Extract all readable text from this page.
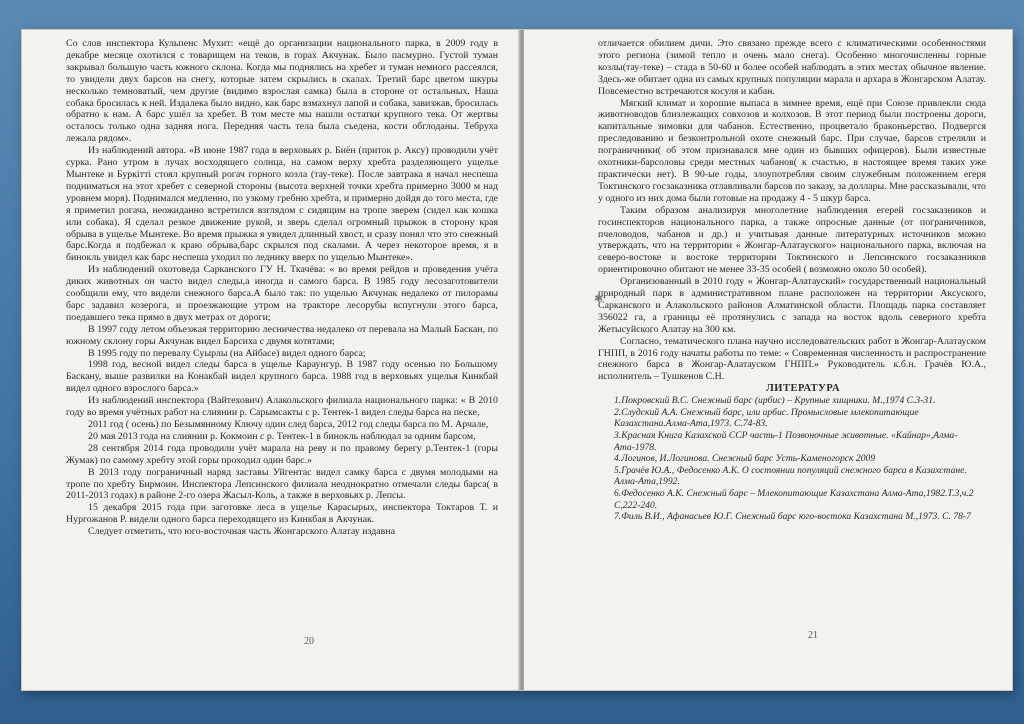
Со слов инспектора Кульпенс Мухит: «ещё до организации национального парка, в 2009 году в декабре месяце охотился с товарищем на теков, в горах Акчунак. Было пасмурно. Густой туман закрывал большую часть южного склона. Когда мы поднялись на хребет и туман немного рассеялся, то увидели двух барсов на снегу, которые затем скрылись в скалах. Третий барс цветом шкуры несколько темноватый, чем другие (видимо взрослая самка) была в стороне от остальных. Наша собака бросилась к ней. Издалека было видно, как барс взмахнул лапой и собака, завизжав, бросилась обратно к нам. А барс ушёл за хребет. В том месте мы нашли остатки крупного тека. От жертвы осталось только одна задняя нога. Передняя часть тела была съедена, кости обглоданы. Тебруха лежала рядом».

Из наблюдений автора. «В июне 1987 года в верховьях р. Биён (приток р. Аксу) проводили учёт сурка. Рано утром в лучах восходящего солнца, на самом верху хребта разделяющего ущелье Мынтеке и Буркітті стоял крупный рогач горного козла (тау-теке). После завтрака я начал неспеша подниматься на этот хребет с северной стороны (высота верхней точки хребта примерно 3000 м над уровнем моря). Поднимался медленно, по узкому гребню хребта, и примерно дойдя до того места, где я приметил рогача, неожиданно встретился взглядом с сидящим на тропе зверем (сидел как кошка или собака). Я сделал резкое движение рукой, и зверь сделал огромный прыжок в сторону края обрыва в ущелье Мынтеке. Во время прыжка я увидел длинный хвост, и сразу понял что это снежный барс.Когда я подбежал к краю обрыва,барс скрылся под скалами. А через некоторое время, я в бинокль увидел как барс неспеша уходил по леднику вверх по ущелью Мынтеке».

Из наблюдений охотоведа Сарканского ГУ Н. Ткачёва: « во время рейдов и проведения учёта диких животных он часто видел следы,а иногда и самого барса. В 1985 году лесозаготовители сообщили ему, что видели снежного барса.А было так: по ущелью Акчунак недалеко от пилорамы барс задавил козерога, и проезжающие утром на тракторе лесорубы вспугнули этого барса, поедавшего тека прямо в двух метрах от дороги;

В 1997 году летом объезжая территорию лесничества недалеко от перевала на Малый Баскан, по южному склону горы Акчунак видел Барсиха с двумя котятами;

В 1995 году по перевалу Суырлы (на Айбасе) видел одного барса;

1998 год, весной видел следы барса в ущелье Караунгур. В 1987 году осенью по Большому Баскану, выше развилки на Конакбай видел крупного барса. 1988 год в верховьях ущелья Кинкбай видел одного взрослого барса.»

Из наблюдений инспектора (Вайтехович) Алакольского филиала национального парка: « В 2010 году во время учётных работ на слиянии р. Сарымсакты с р. Тентек-1 видел следы барса на песке,

2011 год ( осень) по Безымянному Ключу один след барса, 2012 год следы барса по М. Арчале,

20 мая 2013 года на слиянии р. Кокмоин с р. Тентек-1 в бинокль наблюдал за одним барсом,

28 сентября 2014 года проводили учёт марала на реву и по правому берегу р.Тентек-1 (горы Жумак) по самому хребту этой горы проходил один барс.»

В 2013 году пограничный наряд заставы Уйгентас видел самку барса с двумя молодыми на тропе по хребту Бирмоин. Инспектора Лепсинского филиала неоднократно отмечали следы барса( в 2011-2013 годах) в районе 2-го озера Жасыл-Коль, а также в верховьях р. Лепсы.

15 декабря 2015 года при заготовке леса в ущелье Карасырых, инспектора Токтаров Т. и Нургожанов Р. видели одного барса переходящего из Кинкбая в Акчунак.

Следует отметить, что юго-восточная часть Жонгарского Алатау издавна

20

отличается обилием дичи. Это связано прежде всего с климатическими особенностями этого региона (зимой тепло и очень мало снега). Особенно многочисленны горные козлы(тау-теке) – стада в 50-60 и более особей наблюдать в этих местах обычное явление. Здесь-же обитает одна из самых крупных популяции марала и архара в Жонгарском Алатау. Повсеместно встречаются косуля и кабан.

Мягкий климат и хорошие выпаса в зимнее время, ещё при Союзе привлекли сюда животноводов близлежащих совхозов и колхозов. В этот период были построены дороги, капитальные зимовки для чабанов. Естественно, процветало браконьерство. Подвергся преследованию и безконтрольной охоте снежный барс. При случае, барсов стреляли и пограничники( об этом признавался мне один из бывших офицеров). Были известные охотники-барсоловы среди местных чабанов( к счастью, в настоящее время таких уже практически нет). В 90-ые годы, злоупотребляя своим служебным положением егеря Токтинского госзаказника отлавливали барсов по заказу, за доллары. Мне рассказывали, что у одного из них дома были готовые на продажу 4 - 5 шкур барса.

Таким образом анализируя многолетние наблюдения егерей госзаказников и госинспекторов национального парка, а также опросные данные (от пограничников, пчеловодов, чабанов и др.) и учитывая данные литературных источников можно утверждать, что на территории « Жонгар-Алатауского» национального парка, включая на северо-востоке и востоке территории Токтинского и Лепсинского госзаказников ориентировочно обитают не менее 33-35 особей ( возможно около 50 особей).

Организованный в 2010 году « Жонгар-Алатауский» государственный национальный природный парк в административном плане расположен на территории Аксуского, Сарканского и Алакольского районов Алматинской области. Площадь парка составляет 356022 га, а границы её протянулись с запада на восток вдоль северного хребта Жетысуйского Алатау на 300 км.

Согласно, тематического плана научно исследовательских работ в Жонгар-Алатауском ГНПП, в 2016 году начаты работы по теме: « Современная численность и распространение снежного барса в Жонгар-Алатауском ГНПП.» Руководитель к.б.н. Грачёв Ю.А., исполнитель – Тушкенов С.Н.

ЛИТЕРАТУРА

1.Покровский В.С. Снежный барс (ирбис) – Крупные хищники. М.,1974 С.3-31.
2.Слудский А.А. Снежный барс, или ирбис. Промысловые млекопитающие Казахстана.Алма-Ата,1973. С.74-83.
3.Красная Книга Казахской ССР часть-1 Позвоночные животные. «Кайнар»,Алма-Ата-1978.
4.Логинов, И.Логинова. Снежный барс Усть-Каменогорск 2009
5.Грачёв Ю.А., Федосенко А.К. О состоянии популяций снежного барса в Казахстане. Алма-Ата,1992.
6.Федосенко А.К. Снежный барс – Млекопитающие Казахстана Алма-Ата,1982.Т.3,ч.2 С,222-240.
7.Филь В.И., Афанасьев Ю.Г. Снежный барс юго-востока Казахстана М.,1973. С. 78-7
21
✱
